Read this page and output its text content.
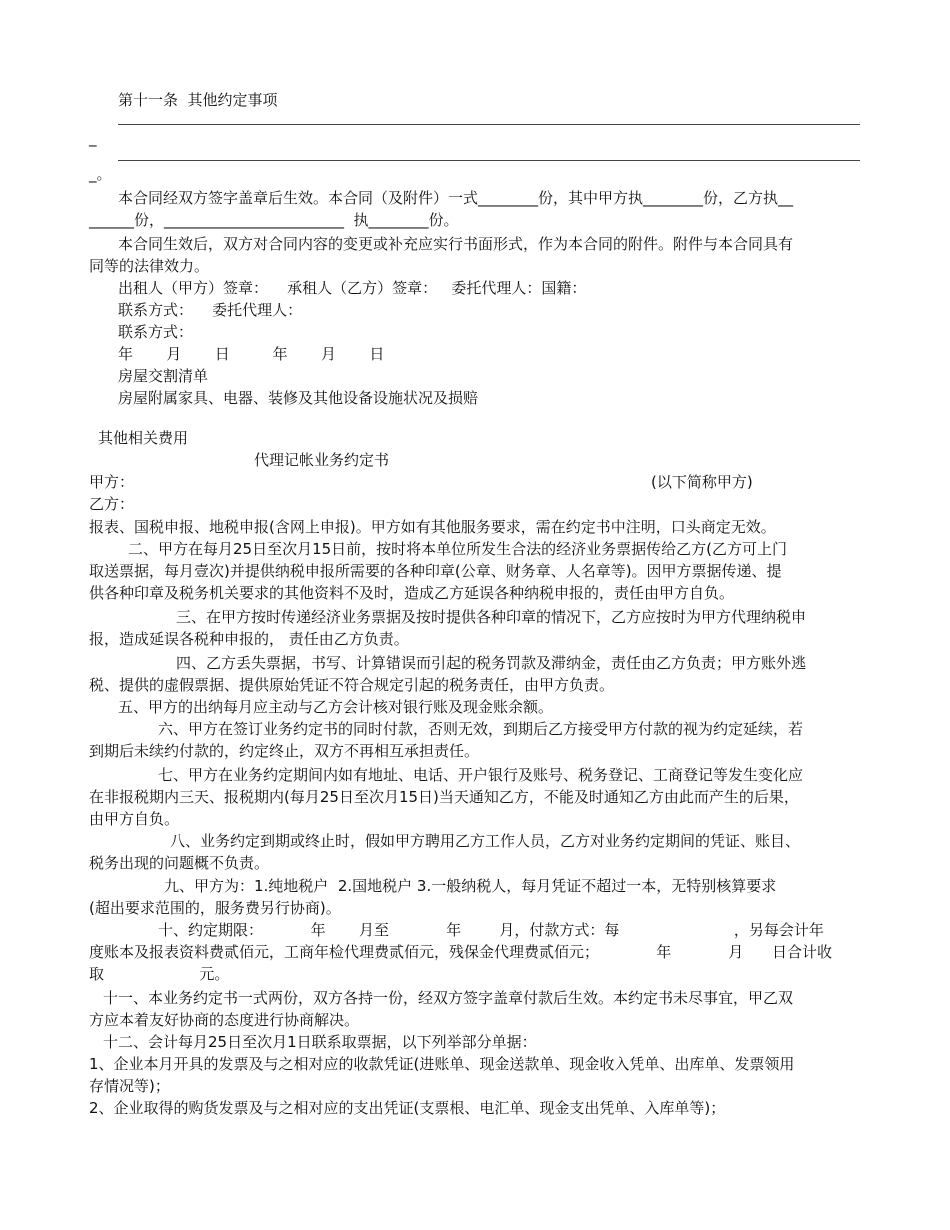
第十一条  其他约定事项
_
_。
本合同经双方签字盖章后生效。本合同（及附件）一式________份，其中甲方执________份，乙方执__
______份，________________________  执________份。
本合同生效后，双方对合同内容的变更或补充应实行书面形式，作为本合同的附件。附件与本合同具有
同等的法律效力。
出租人（甲方）签章：    承租人（乙方）签章：   委托代理人：国籍：
联系方式：    委托代理人：
联系方式：
年       月       日         年       月       日
房屋交割清单
房屋附属家具、电器、装修及其他设备设施状况及损赔
其他相关费用
代理记帐业务约定书
甲方：	(以下简称甲方)
乙方：
报表、国税申报、地税申报(含网上申报)。甲方如有其他服务要求，需在约定书中注明，口头商定无效。
二、甲方在每月25日至次月15日前，按时将本单位所发生合法的经济业务票据传给乙方(乙方可上门
取送票据，每月壹次)并提供纳税申报所需要的各种印章(公章、财务章、人名章等)。因甲方票据传递、提
供各种印章及税务机关要求的其他资料不及时，造成乙方延误各种纳税申报的，责任由甲方自负。
三、在甲方按时传递经济业务票据及按时提供各种印章的情况下，乙方应按时为甲方代理纳税申
报，造成延误各税种申报的， 责任由乙方负责。
四、乙方丢失票据，书写、计算错误而引起的税务罚款及滞纳金，责任由乙方负责；甲方账外逃
税、提供的虚假票据、提供原始凭证不符合规定引起的税务责任，由甲方负责。
五、甲方的出纳每月应主动与乙方会计核对银行账及现金账余额。
六、甲方在签订业务约定书的同时付款，否则无效，到期后乙方接受甲方付款的视为约定延续，若
到期后未续约付款的，约定终止，双方不再相互承担责任。
七、甲方在业务约定期间内如有地址、电话、开户银行及账号、税务登记、工商登记等发生变化应
在非报税期内三天、报税期内(每月25日至次月15日)当天通知乙方，不能及时通知乙方由此而产生的后果，
由甲方自负。
八、业务约定到期或终止时，假如甲方聘用乙方工作人员，乙方对业务约定期间的凭证、账目、
税务出现的问题概不负责。
九、甲方为：1.纯地税户  2.国地税户 3.一般纳税人，每月凭证不超过一本，无特别核算要求
(超出要求范围的，服务费另行协商)。
十、约定期限：          年       月至            年        月，付款方式：每                        ，另每会计年
度账本及报表资料费贰佰元，工商年检代理费贰佰元，残保金代理费贰佰元；            年            月      日合计收
取                    元。
十一、本业务约定书一式两份，双方各持一份，经双方签字盖章付款后生效。本约定书未尽事宜，甲乙双
方应本着友好协商的态度进行协商解决。
十二、会计每月25日至次月1日联系取票据，以下列举部分单据：
1、企业本月开具的发票及与之相对应的收款凭证(进账单、现金送款单、现金收入凭单、出库单、发票领用
存情况等)；
2、企业取得的购货发票及与之相对应的支出凭证(支票根、电汇单、现金支出凭单、入库单等)；
